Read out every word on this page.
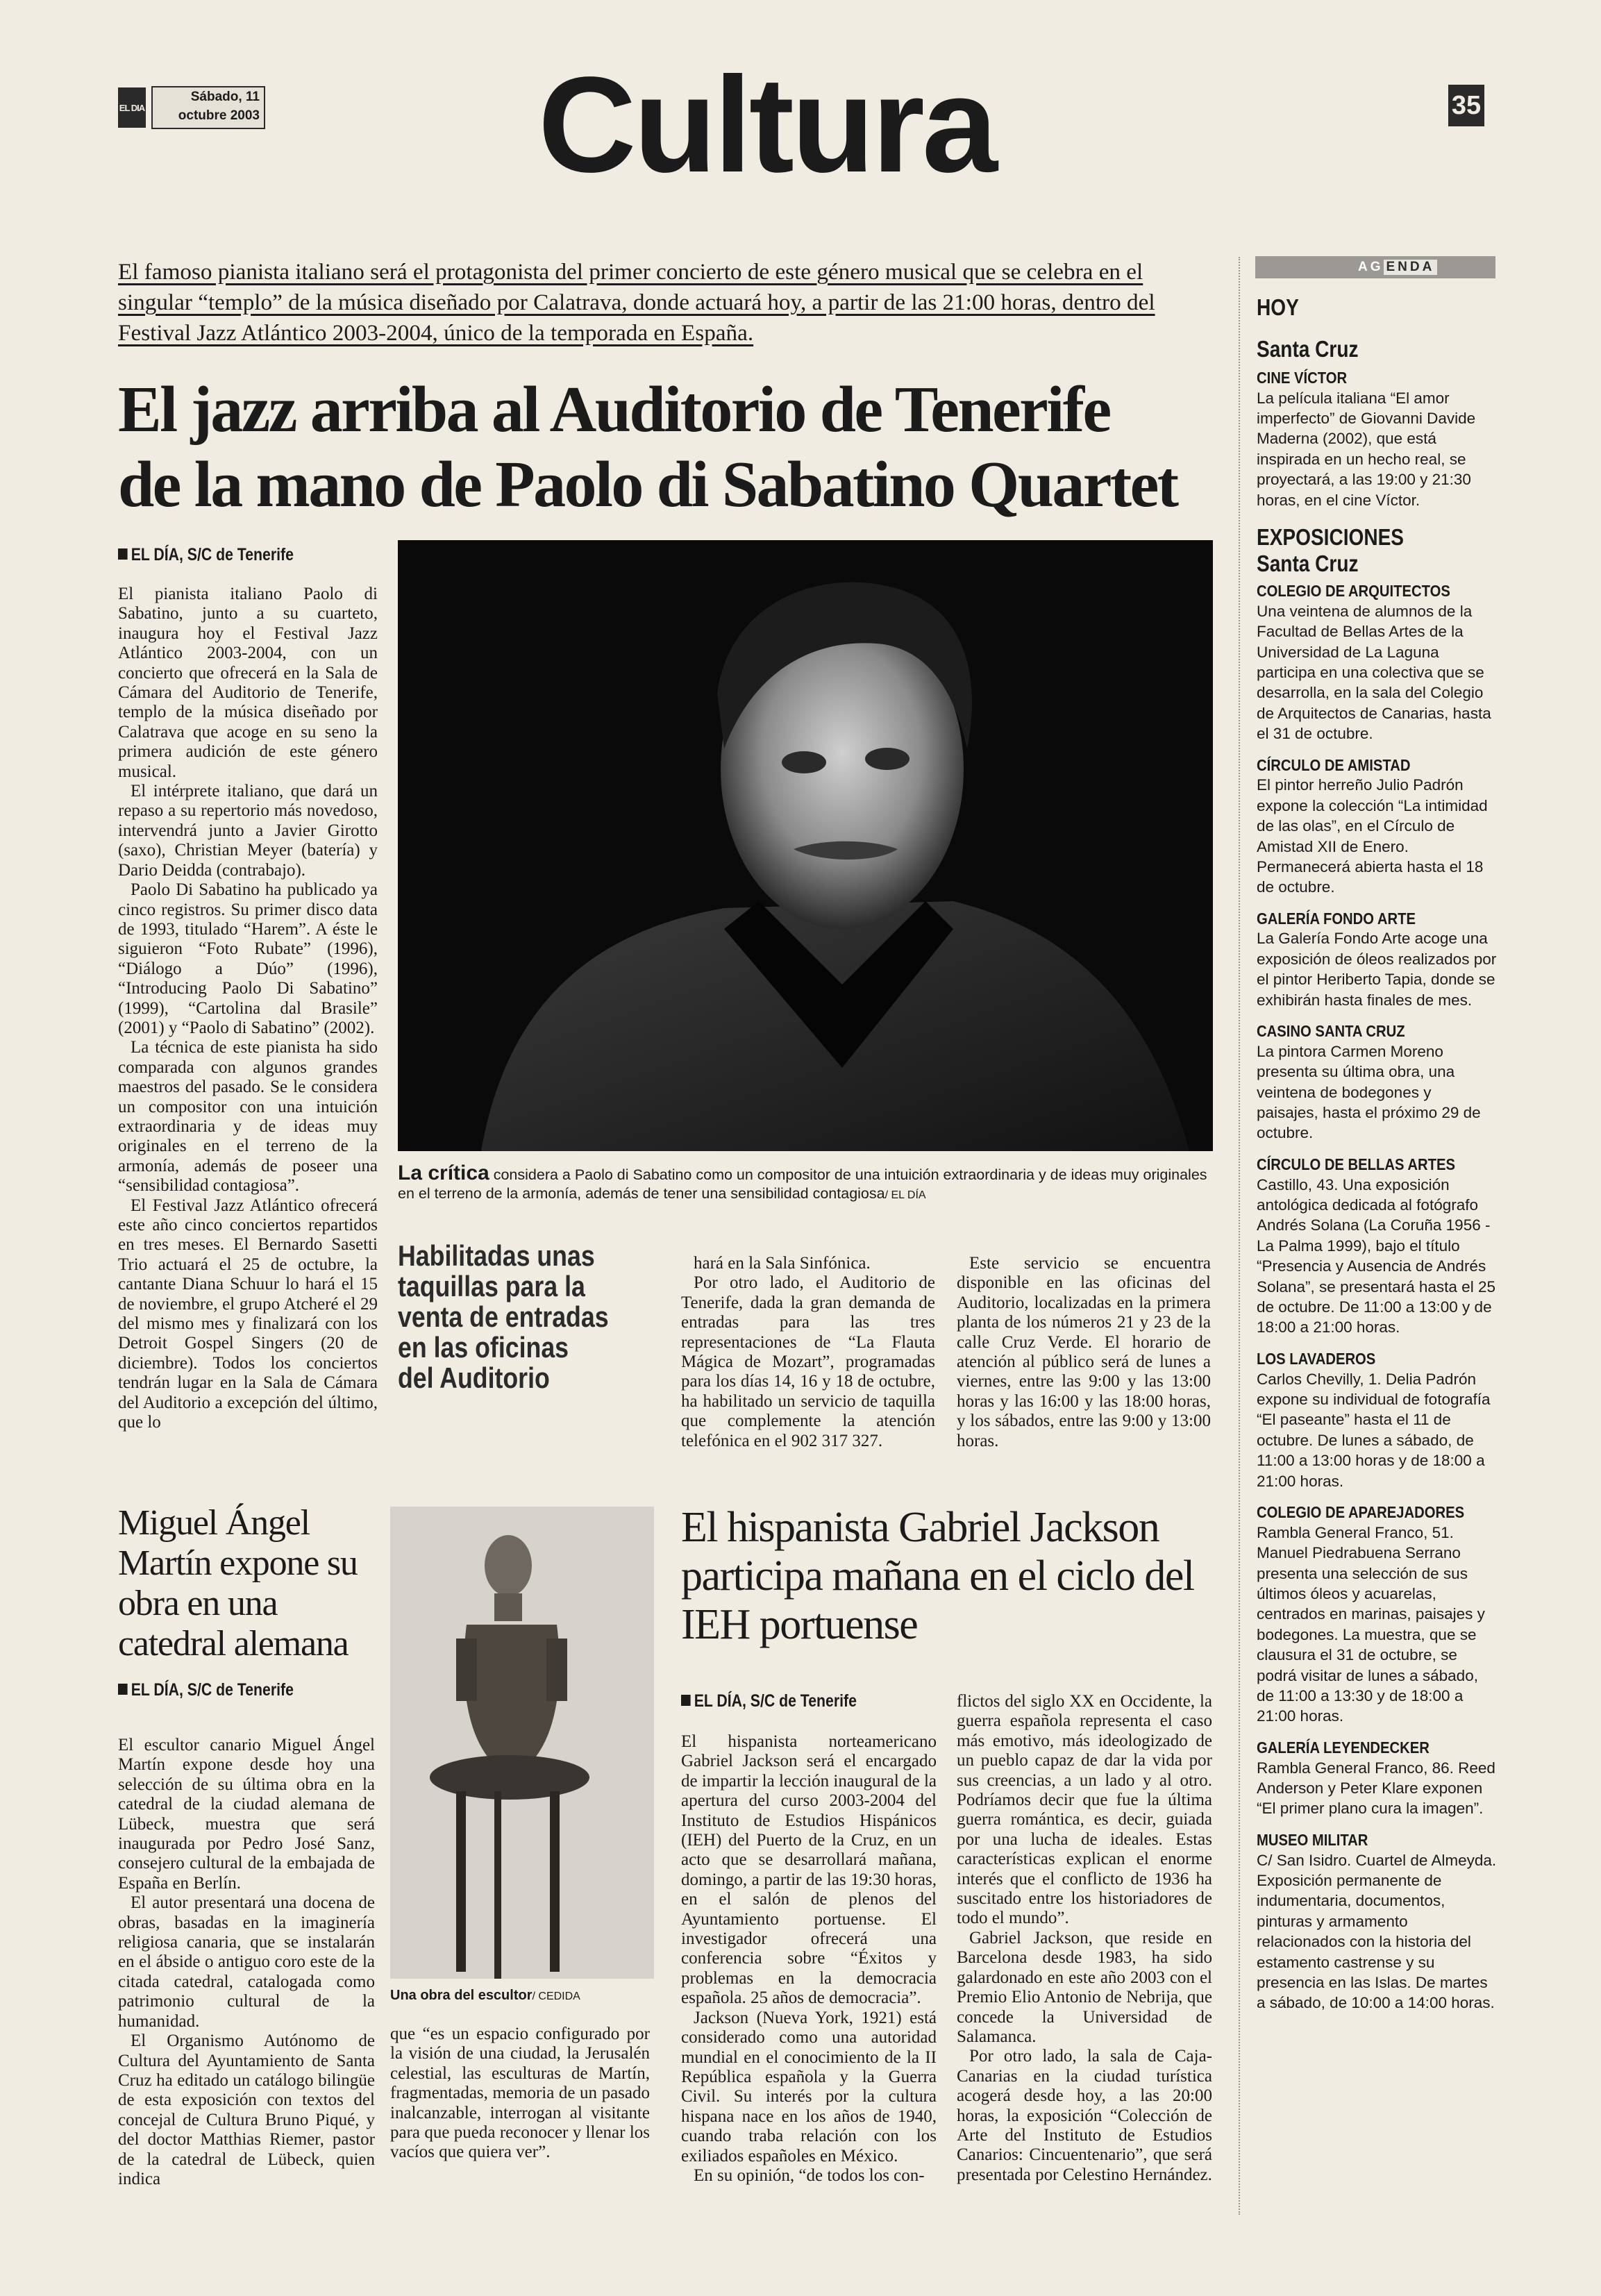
EL DIA
Sábado, 11
octubre 2003 Cultura	35
El famoso pianista italiano será el protagonista del primer concierto de este género musical que se celebra en el singular “templo” de la música diseñado por Calatrava, donde actuará hoy, a partir de las 21:00 horas, dentro del Festival Jazz Atlántico 2003-2004, único de la temporada en España.
El jazz arriba al Auditorio de Tenerife
de la mano de Paolo di Sabatino Quartet
EL DÍA, S/C de Tenerife

El pianista italiano Paolo di Sabatino, junto a su cuarteto, inaugura hoy el Festival Jazz Atlántico 2003-2004, con un concierto que ofrecerá en la Sala de Cámara del Auditorio de Tenerife, templo de la música diseñado por Calatrava que acoge en su seno la primera audición de este género musical.

El intérprete italiano, que dará un repaso a su repertorio más novedoso, intervendrá junto a Javier Girotto (saxo), Christian Meyer (batería) y Dario Deidda (contrabajo).

Paolo Di Sabatino ha publicado ya cinco registros. Su primer disco data de 1993, titulado “Harem”. A éste le siguieron “Foto Rubate” (1996), “Diálogo a Dúo” (1996), “Introducing Paolo Di Sabatino” (1999), “Cartolina dal Brasile” (2001) y “Paolo di Sabatino” (2002).

La técnica de este pianista ha sido comparada con algunos grandes maestros del pasado. Se le considera un compositor con una intuición extraordinaria y de ideas muy originales en el terreno de la armonía, además de poseer una “sensibilidad contagiosa”.

El Festival Jazz Atlántico ofrecerá este año cinco conciertos repartidos en tres meses. El Bernardo Sasetti Trio actuará el 25 de octubre, la cantante Diana Schuur lo hará el 15 de noviembre, el grupo Atcheré el 29 del mismo mes y finalizará con los Detroit Gospel Singers (20 de diciembre). Todos los conciertos tendrán lugar en la Sala de Cámara del Auditorio a excepción del último, que lo

La crítica considera a Paolo di Sabatino como un compositor de una intuición extraordinaria y de ideas muy originales en el terreno de la armonía, además de tener una sensibilidad contagiosa/ EL DÍA
Habilitadas unas taquillas para la venta de entradas en las oficinas del Auditorio

hará en la Sala Sinfónica.

Por otro lado, el Auditorio de Tenerife, dada la gran demanda de entradas para las tres representaciones de “La Flauta Mágica de Mozart”, programadas para los días 14, 16 y 18 de octubre, ha habilitado un servicio de taquilla que complemente la atención telefónica en el 902 317 327.

Este servicio se encuentra disponible en las oficinas del Auditorio, localizadas en la primera planta de los números 21 y 23 de la calle Cruz Verde. El horario de atención al público será de lunes a viernes, entre las 9:00 y las 13:00 horas y las 16:00 y las 18:00 horas, y los sábados, entre las 9:00 y 13:00 horas.

Miguel Ángel Martín expone su obra en una catedral alemana
EL DÍA, S/C de Tenerife

El escultor canario Miguel Ángel Martín expone desde hoy una selección de su última obra en la catedral de la ciudad alemana de Lübeck, muestra que será inaugurada por Pedro José Sanz, consejero cultural de la embajada de España en Berlín.

El autor presentará una docena de obras, basadas en la imaginería religiosa canaria, que se instalarán en el ábside o antiguo coro este de la citada catedral, catalogada como patrimonio cultural de la humanidad.

El Organismo Autónomo de Cultura del Ayuntamiento de Santa Cruz ha editado un catálogo bilingüe de esta exposición con textos del concejal de Cultura Bruno Piqué, y del doctor Matthias Riemer, pastor de la catedral de Lübeck, quien indica

Una obra del escultor/ CEDIDA

que “es un espacio configurado por la visión de una ciudad, la Jerusalén celestial, las esculturas de Martín, fragmentadas, memoria de un pasado inalcanzable, interrogan al visitante para que pueda reconocer y llenar los vacíos que quiera ver”.

El hispanista Gabriel Jackson participa mañana en el ciclo del IEH portuense
EL DÍA, S/C de Tenerife

El hispanista norteamericano Gabriel Jackson será el encargado de impartir la lección inaugural de la apertura del curso 2003-2004 del Instituto de Estudios Hispánicos (IEH) del Puerto de la Cruz, en un acto que se desarrollará mañana, domingo, a partir de las 19:30 horas, en el salón de plenos del Ayuntamiento portuense. El investigador ofrecerá una conferencia sobre “Éxitos y problemas en la democracia española. 25 años de democracia”.

Jackson (Nueva York, 1921) está considerado como una autoridad mundial en el conocimiento de la II República española y la Guerra Civil. Su interés por la cultura hispana nace en los años de 1940, cuando traba relación con los exiliados españoles en México.

En su opinión, “de todos los con-

flictos del siglo XX en Occidente, la guerra española representa el caso más emotivo, más ideologizado de un pueblo capaz de dar la vida por sus creencias, a un lado y al otro. Podríamos decir que fue la última guerra romántica, es decir, guiada por una lucha de ideales. Estas características explican el enorme interés que el conflicto de 1936 ha suscitado entre los historiadores de todo el mundo”.

Gabriel Jackson, que reside en Barcelona desde 1983, ha sido galardonado en este año 2003 con el Premio Elio Antonio de Nebrija, que concede la Universidad de Salamanca.

Por otro lado, la sala de Caja-Canarias en la ciudad turística acogerá desde hoy, a las 20:00 horas, la exposición “Colección de Arte del Instituto de Estudios Canarios: Cincuentenario”, que será presentada por Celestino Hernández.

AG ENDA
HOY
Santa Cruz
CINE VÍCTOR
La película italiana “El amor imperfecto” de Giovanni Davide Maderna (2002), que está inspirada en un hecho real, se proyectará, a las 19:00 y 21:30 horas, en el cine Víctor.
EXPOSICIONES
Santa Cruz
COLEGIO DE ARQUITECTOS
Una veintena de alumnos de la Facultad de Bellas Artes de la Universidad de La Laguna participa en una colectiva que se desarrolla, en la sala del Colegio de Arquitectos de Canarias, hasta el 31 de octubre.
CÍRCULO DE AMISTAD
El pintor herreño Julio Padrón expone la colección “La intimidad de las olas”, en el Círculo de Amistad XII de Enero. Permanecerá abierta hasta el 18 de octubre.
GALERÍA FONDO ARTE
La Galería Fondo Arte acoge una exposición de óleos realizados por el pintor Heriberto Tapia, donde se exhibirán hasta finales de mes.
CASINO SANTA CRUZ
La pintora Carmen Moreno presenta su última obra, una veintena de bodegones y paisajes, hasta el próximo 29 de octubre.
CÍRCULO DE BELLAS ARTES
Castillo, 43. Una exposición antológica dedicada al fotógrafo Andrés Solana (La Coruña 1956 - La Palma 1999), bajo el título “Presencia y Ausencia de Andrés Solana”, se presentará hasta el 25 de octubre. De 11:00 a 13:00 y de 18:00 a 21:00 horas.
LOS LAVADEROS
Carlos Chevilly, 1. Delia Padrón expone su individual de fotografía “El paseante” hasta el 11 de octubre. De lunes a sábado, de 11:00 a 13:00 horas y de 18:00 a 21:00 horas.
COLEGIO DE APAREJADORES
Rambla General Franco, 51. Manuel Piedrabuena Serrano presenta una selección de sus últimos óleos y acuarelas, centrados en marinas, paisajes y bodegones. La muestra, que se clausura el 31 de octubre, se podrá visitar de lunes a sábado, de 11:00 a 13:30 y de 18:00 a 21:00 horas.
GALERÍA LEYENDECKER
Rambla General Franco, 86. Reed Anderson y Peter Klare exponen “El primer plano cura la imagen”.
MUSEO MILITAR
C/ San Isidro. Cuartel de Almeyda. Exposición permanente de indumentaria, documentos, pinturas y armamento relacionados con la historia del estamento castrense y su presencia en las Islas. De martes a sábado, de 10:00 a 14:00 horas.
